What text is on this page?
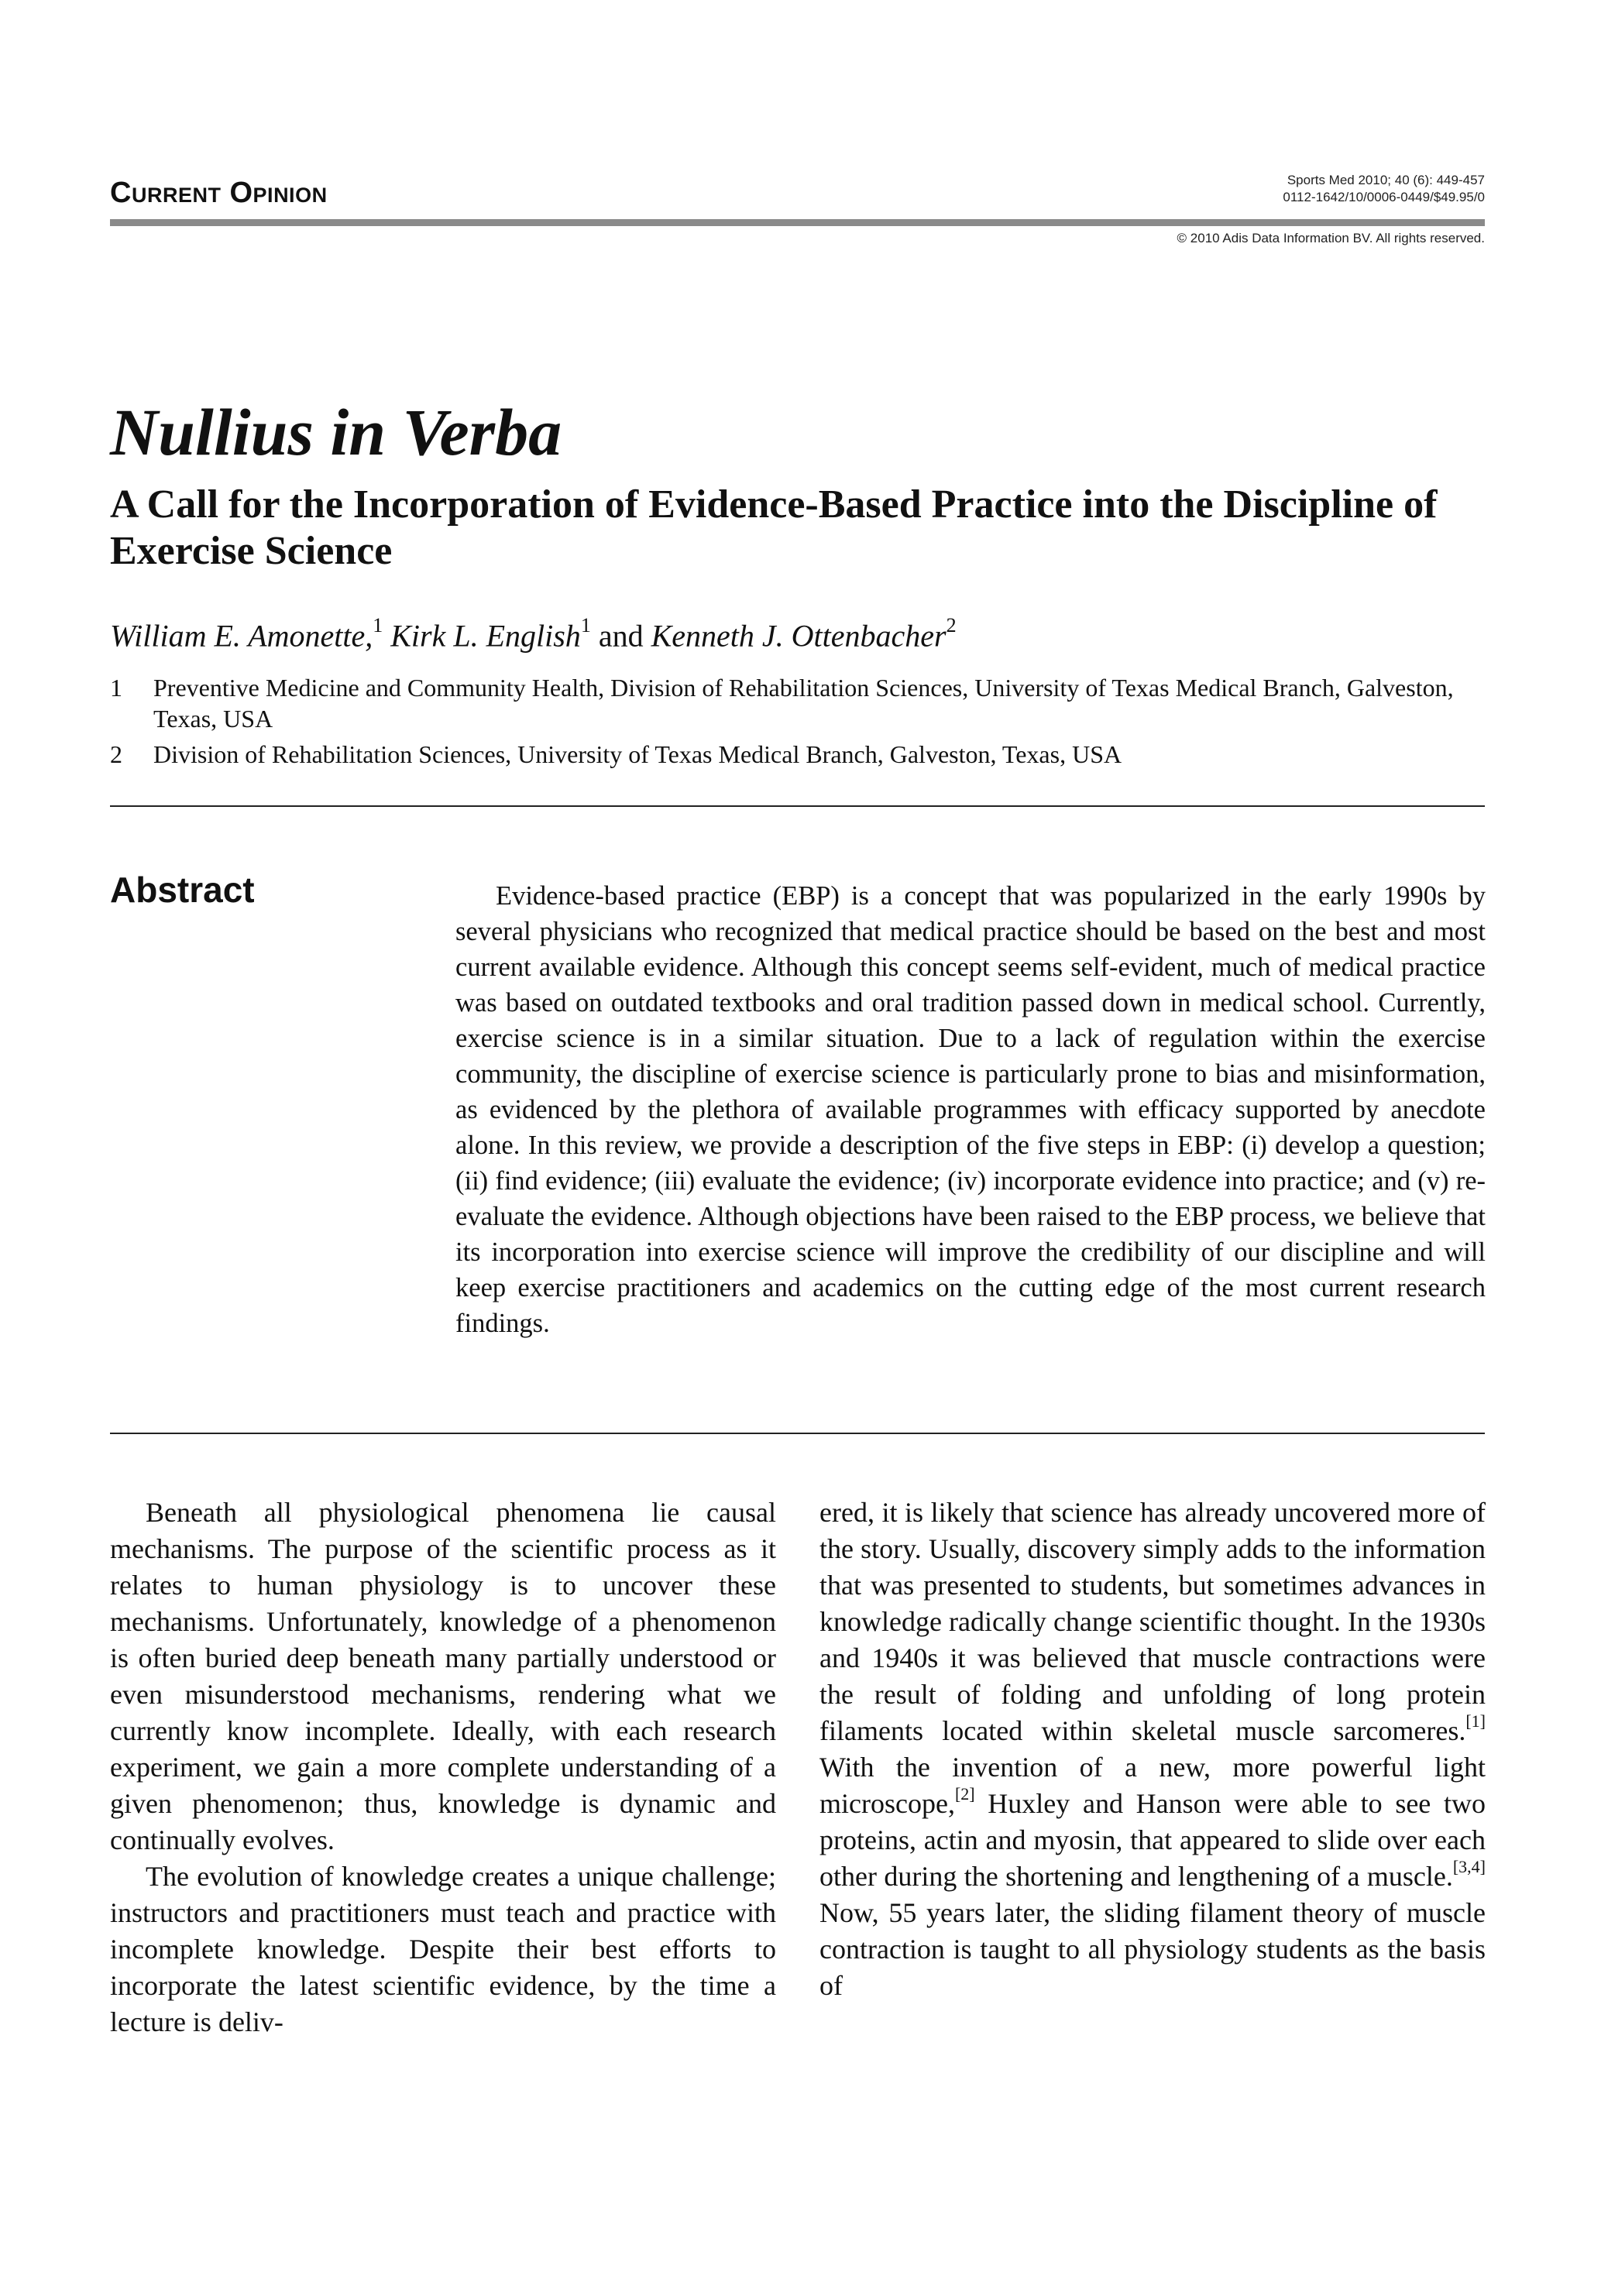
Current Opinion	Sports Med 2010; 40 (6): 449-457
0112-1642/10/0006-0449/$49.95/0
© 2010 Adis Data Information BV. All rights reserved.
Nullius in Verba
A Call for the Incorporation of Evidence-Based Practice into the Discipline of Exercise Science
William E. Amonette,$^1$ Kirk L. English$^1$ and Kenneth J. Ottenbacher$^2$
1	Preventive Medicine and Community Health, Division of Rehabilitation Sciences, University of Texas Medical Branch, Galveston, Texas, USA
2	Division of Rehabilitation Sciences, University of Texas Medical Branch, Galveston, Texas, USA
Abstract	Evidence-based practice (EBP) is a concept that was popularized in the early 1990s by several physicians who recognized that medical practice should be based on the best and most current available evidence. Although this concept seems self-evident, much of medical practice was based on outdated textbooks and oral tradition passed down in medical school. Currently, exercise science is in a similar situation. Due to a lack of regulation within the exercise community, the discipline of exercise science is particularly prone to bias and misinformation, as evidenced by the plethora of available programmes with efficacy supported by anecdote alone. In this review, we provide a description of the five steps in EBP: (i) develop a question; (ii) find evidence; (iii) evaluate the evidence; (iv) incorporate evidence into practice; and (v) re-evaluate the evidence. Although objections have been raised to the EBP process, we believe that its incorporation into exercise science will improve the credibility of our discipline and will keep exercise practitioners and academics on the cutting edge of the most current research findings.

Beneath all physiological phenomena lie causal mechanisms. The purpose of the scientific process as it relates to human physiology is to uncover these mechanisms. Unfortunately, knowledge of a phenomenon is often buried deep beneath many partially understood or even misunderstood mechanisms, rendering what we currently know incomplete. Ideally, with each research experiment, we gain a more complete understanding of a given phenomenon; thus, knowledge is dynamic and continually evolves.

The evolution of knowledge creates a unique challenge; instructors and practitioners must teach and practice with incomplete knowledge. Despite their best efforts to incorporate the latest scientific evidence, by the time a lecture is deliv-

ered, it is likely that science has already uncovered more of the story. Usually, discovery simply adds to the information that was presented to students, but sometimes advances in knowledge radically change scientific thought. In the 1930s and 1940s it was believed that muscle contractions were the result of folding and unfolding of long protein filaments located within skeletal muscle sarcomeres.[1] With the invention of a new, more powerful light microscope,[2] Huxley and Hanson were able to see two proteins, actin and myosin, that appeared to slide over each other during the shortening and lengthening of a muscle.[3,4] Now, 55 years later, the sliding filament theory of muscle contraction is taught to all physiology students as the basis of
